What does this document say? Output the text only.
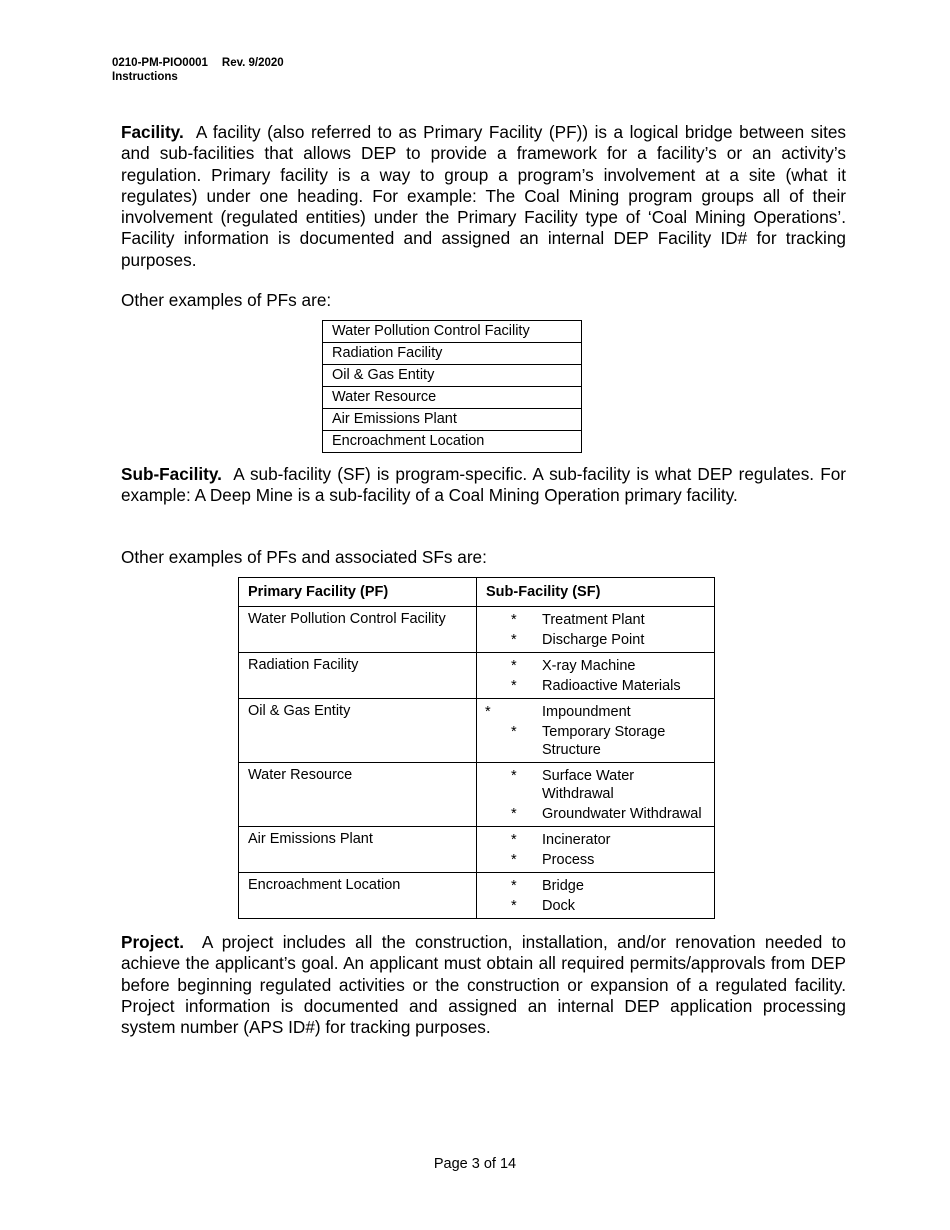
0210-PM-PIO0001 Rev. 9/2020
Instructions

Facility. A facility (also referred to as Primary Facility (PF)) is a logical bridge between sites and sub-facilities that allows DEP to provide a framework for a facility’s or an activity’s regulation. Primary facility is a way to group a program’s involvement at a site (what it regulates) under one heading. For example: The Coal Mining program groups all of their involvement (regulated entities) under the Primary Facility type of ‘Coal Mining Operations’. Facility information is documented and assigned an internal DEP Facility ID# for tracking purposes.

Other examples of PFs are:

Water Pollution Control Facility
Radiation Facility
Oil & Gas Entity
Water Resource
Air Emissions Plant
Encroachment Location

Sub-Facility. A sub-facility (SF) is program-specific. A sub-facility is what DEP regulates. For example: A Deep Mine is a sub-facility of a Coal Mining Operation primary facility.

Other examples of PFs and associated SFs are:

Primary Facility (PF)	Sub-Facility (SF)
Water Pollution Control Facility	* Treatment Plant
* Discharge Point

Radiation Facility	* X-ray Machine
* Radioactive Materials

Oil & Gas Entity	* Impoundment
* Temporary Storage Structure

Water Resource	* Surface Water Withdrawal
* Groundwater Withdrawal

Air Emissions Plant	* Incinerator
* Process

Encroachment Location	* Bridge
* Dock

Project. A project includes all the construction, installation, and/or renovation needed to achieve the applicant’s goal. An applicant must obtain all required permits/approvals from DEP before beginning regulated activities or the construction or expansion of a regulated facility. Project information is documented and assigned an internal DEP application processing system number (APS ID#) for tracking purposes.

Page 3 of 14
